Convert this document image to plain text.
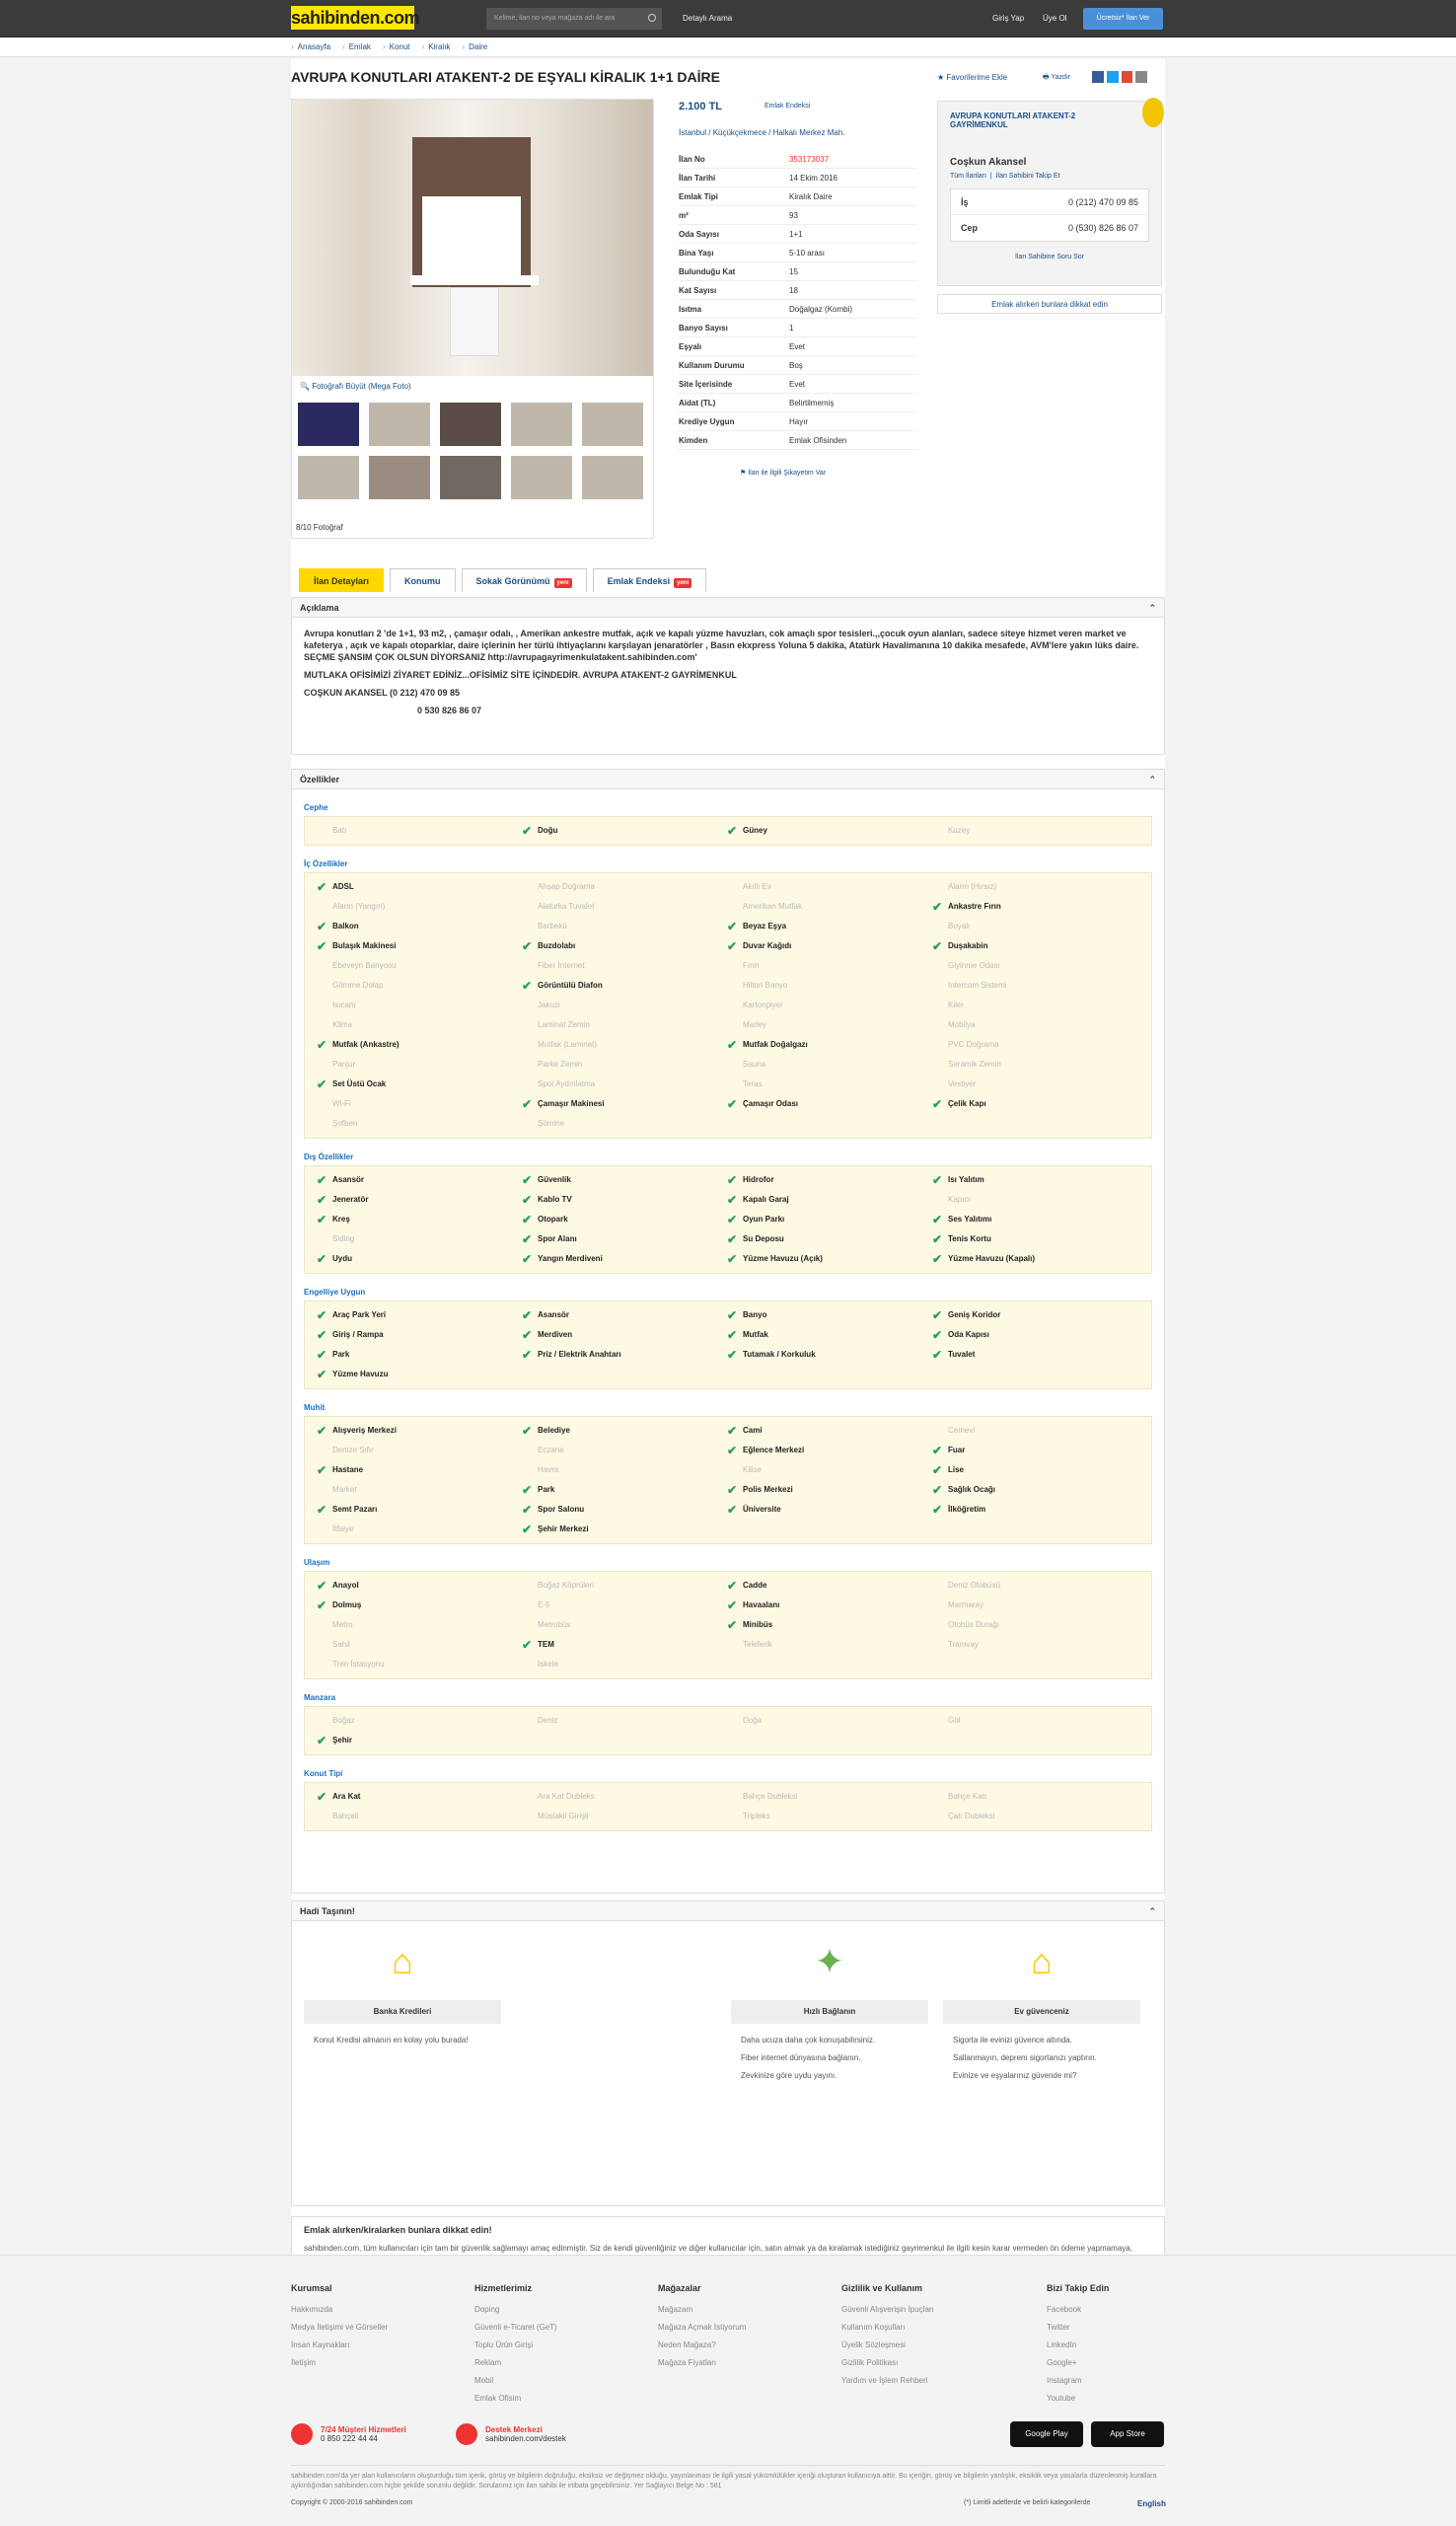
sahibinden.com	Kelime, ilan no veya mağaza adı ile ara	Detaylı Arama	Giriş Yap Üye Ol	Ücretsiz* İlan Ver
› Anasayfa › Emlak › Konut › Kiralık › Daire
AVRUPA KONUTLARI ATAKENT-2 DE EŞYALI KİRALIK 1+1 DAİRE	★ Favorilerime Ekle	🖶 Yazdır
🔍 Fotoğrafı Büyüt (Mega Foto)
8/10 Fotoğraf
2.100 TL	Emlak Endeksi
İstanbul / Küçükçekmece / Halkalı Merkez Mah.
İlan No	353173037
İlan Tarihi	14 Ekim 2016
Emlak Tipi	Kiralık Daire
m²	93
Oda Sayısı	1+1
Bina Yaşı	5-10 arası
Bulunduğu Kat	15
Kat Sayısı	18
Isıtma	Doğalgaz (Kombi)
Banyo Sayısı	1
Eşyalı	Evet
Kullanım Durumu	Boş
Site İçerisinde	Evet
Aidat (TL)	Belirtilmemiş
Krediye Uygun	Hayır
Kimden	Emlak Ofisinden
⚑ İlan ile İlgili Şikayetim Var
AVRUPA KONUTLARI ATAKENT-2 GAYRİMENKUL
Coşkun Akansel
Tüm İlanları  |  İlan Sahibini Takip Et
İş	0 (212) 470 09 85
Cep	0 (530) 826 86 07
İlan Sahibine Soru Sor
Emlak alırken bunlara dikkat edin
İlan Detayları	Konumu	Sokak Görünümü yeni	Emlak Endeksi yeni
Açıklama ⌃

Avrupa konutları 2 'de 1+1, 93 m2, , çamaşır odalı, , Amerikan ankestre mutfak, açık ve kapalı yüzme havuzları, cok amaçlı spor tesisleri.,,çocuk oyun alanları, sadece siteye hizmet veren market ve kafeterya , açık ve kapalı otoparklar, daire içlerinin her türlü ihtiyaçlarını karşılayan jenaratörler , Basın ekxpress Yoluna 5 dakika, Atatürk Havalimanına 10 dakika mesafede, AVM'lere yakın lüks daire. SEÇME ŞANSIM ÇOK OLSUN DİYORSANIZ http://avrupagayrimenkulatakent.sahibinden.com'

MUTLAKA OFİSİMİZİ ZİYARET EDİNİZ...OFİSİMİZ SİTE İÇİNDEDİR. AVRUPA ATAKENT-2 GAYRİMENKUL

COŞKUN AKANSEL (0 212) 470 09 85

0 530 826 86 07

Özellikler ⌃
Cephe
Batı	✔ Doğu	✔ Güney	Kuzey
İç Özellikler
✔ ADSL	Ahşap Doğrama	Akıllı Ev	Alarm (Hırsız)
Alarm (Yangın)	Alaturka Tuvalet	Amerikan Mutfak	✔ Ankastre Fırın
✔ Balkon	Barbekü	✔ Beyaz Eşya	Boyalı
✔ Bulaşık Makinesi	✔ Buzdolabı	✔ Duvar Kağıdı	✔ Duşakabin
Ebeveyn Banyosu	Fiber İnternet	Fırın	Giyinme Odası
Gömme Dolap	✔ Görüntülü Diafon	Hilton Banyo	Intercom Sistemi
Isıcam	Jakuzi	Kartonpiyer	Kiler
Klima	Laminat Zemin	Marley	Mobilya
✔ Mutfak (Ankastre)	Mutfak (Laminat)	✔ Mutfak Doğalgazı	PVC Doğrama
Panjur	Parke Zemin	Sauna	Seramik Zemin
✔ Set Üstü Ocak	Spot Aydınlatma	Teras	Vestiyer
Wi-Fi	✔ Çamaşır Makinesi	✔ Çamaşır Odası	✔ Çelik Kapı
Şofben	Şömine
Dış Özellikler
✔ Asansör	✔ Güvenlik	✔ Hidrofor	✔ Isı Yalıtım
✔ Jeneratör	✔ Kablo TV	✔ Kapalı Garaj	Kapıcı
✔ Kreş	✔ Otopark	✔ Oyun Parkı	✔ Ses Yalıtımı
Siding	✔ Spor Alanı	✔ Su Deposu	✔ Tenis Kortu
✔ Uydu	✔ Yangın Merdiveni	✔ Yüzme Havuzu (Açık)	✔ Yüzme Havuzu (Kapalı)
Engelliye Uygun
✔ Araç Park Yeri	✔ Asansör	✔ Banyo	✔ Geniş Koridor
✔ Giriş / Rampa	✔ Merdiven	✔ Mutfak	✔ Oda Kapısı
✔ Park	✔ Priz / Elektrik Anahtarı	✔ Tutamak / Korkuluk	✔ Tuvalet
✔ Yüzme Havuzu
Muhit
✔ Alışveriş Merkezi	✔ Belediye	✔ Cami	Cemevi
Denize Sıfır	Eczane	✔ Eğlence Merkezi	✔ Fuar
✔ Hastane	Havra	Kilise	✔ Lise
Market	✔ Park	✔ Polis Merkezi	✔ Sağlık Ocağı
✔ Semt Pazarı	✔ Spor Salonu	✔ Üniversite	✔ İlköğretim
İtfaiye	✔ Şehir Merkezi
Ulaşım
✔ Anayol	Boğaz Köprüleri	✔ Cadde	Deniz Otobüsü
✔ Dolmuş	E-5	✔ Havaalanı	Marmaray
Metro	Metrobüs	✔ Minibüs	Otobüs Durağı
Sahil	✔ TEM	Teleferik	Tramvay
Tren İstasyonu	İskele
Manzara
Boğaz	Deniz	Doğa	Göl
✔ Şehir
Konut Tipi
✔ Ara Kat	Ara Kat Dubleks	Bahçe Dubleksi	Bahçe Katı
Bahçeli	Müstakil Girişli	Tripleks	Çatı Dubleksi
Hadi Taşının! ⌃
⌂
Banka Kredileri
Konut Kredisi almanın en kolay yolu burada!
✦
Hızlı Bağlanın
Daha ucuza daha çok konuşabilirsiniz.
Fiber internet dünyasına bağlanın.
Zevkinize göre uydu yayını.
⌂
Ev güvenceniz
Sigorta ile evinizi güvence altında.
Sallanmayın, deprem sigortanızı yaptırın.
Evinize ve eşyalarınız güvende mi?
Emlak alırken/kiralarken bunlara dikkat edin!

sahibinden.com, tüm kullanıcıları için tam bir güvenlik sağlamayı amaç edinmiştir. Siz de kendi güvenliğiniz ve diğer kullanıcılar için, satın almak ya da kiralamak istediğiniz gayrimenkul ile ilgili kesin karar vermeden ön ödeme yapmamaya,

Kurumsal
Hakkımızda
Medya İletişimi ve Görseller
İnsan Kaynakları
İletişim
Hizmetlerimiz
Doping
Güvenli e-Ticaret (GeT)
Toplu Ürün Girişi
Reklam
Mobil
Emlak Ofisim
Mağazalar
Mağazam
Mağaza Açmak İstiyorum
Neden Mağaza?
Mağaza Fiyatları
Gizlilik ve Kullanım
Güvenli Alışverişin İpuçları
Kullanım Koşulları
Üyelik Sözleşmesi
Gizlilik Politikası
Yardım ve İşlem Rehberi
Bizi Takip Edin
Facebook
Twitter
LinkedIn
Google+
Instagram
Youtube
7/24 Müşteri Hizmetleri
0 850 222 44 44
Destek Merkezi
sahibinden.com/destek
Google Play	App Store
sahibinden.com'da yer alan kullanıcıların oluşturduğu tüm içerik, görüş ve bilgilerin doğruluğu, eksiksiz ve değişmez olduğu, yayınlanması ile ilgili yasal yükümlülükler içeriği oluşturan kullanıcıya aittir. Bu içeriğin, görüş ve bilgilerin yanlışlık, eksiklik veya yasalarla düzenlenmiş kurallara aykırılığından sahibinden.com hiçbir şekilde sorumlu değildir. Sorularınız için ilan sahibi ile irtibata geçebilirsiniz. Yer Sağlayıcı Belge No : 581
Copyright © 2000-2016 sahibinden.com	(*) Limitli adetlerde ve belirli kategorilerde	English
